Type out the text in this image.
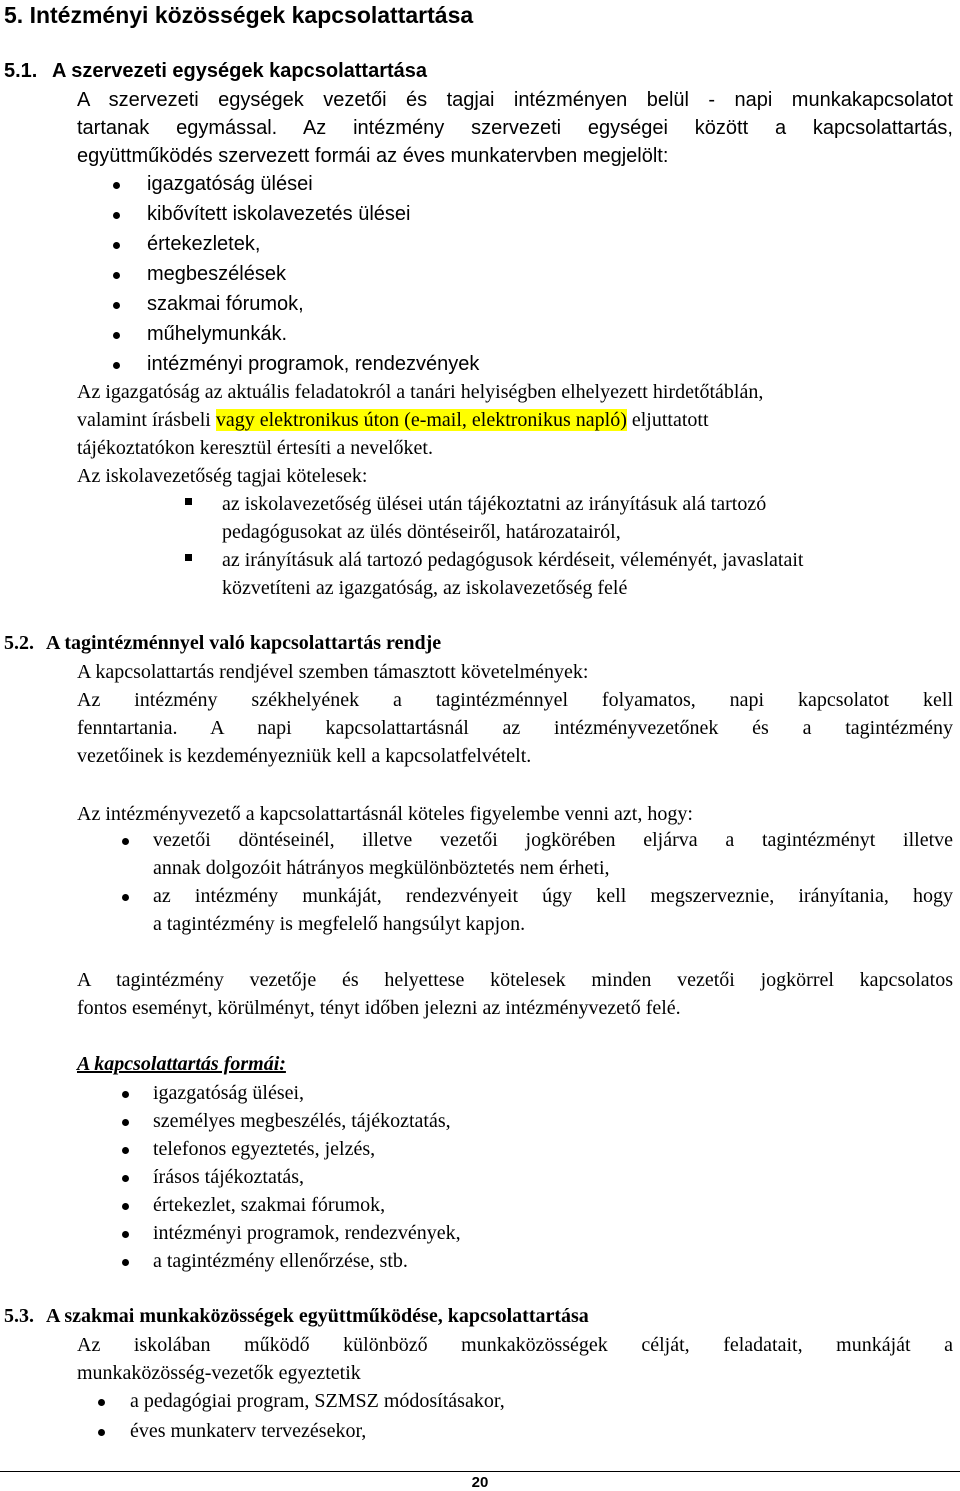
5. Intézményi közösségek kapcsolattartása
5.1. A szervezeti egységek kapcsolattartása
A szervezeti egységek vezetői és tagjai intézményen belül - napi munkakapcsolatot
tartanak egymással. Az intézmény szervezeti egységei között a kapcsolattartás,
együttműködés szervezett formái az éves munkatervben megjelölt:
igazgatóság ülései
kibővített iskolavezetés ülései
értekezletek,
megbeszélések
szakmai fórumok,
műhelymunkák.
intézményi programok, rendezvények
Az igazgatóság az aktuális feladatokról a tanári helyiségben elhelyezett hirdetőtáblán,
valamint írásbeli vagy elektronikus úton (e-mail, elektronikus napló) eljuttatott
tájékoztatókon keresztül értesíti a nevelőket.
Az iskolavezetőség tagjai kötelesek:
az iskolavezetőség ülései után tájékoztatni az irányításuk alá tartozó
pedagógusokat az ülés döntéseiről, határozatairól,
az irányításuk alá tartozó pedagógusok kérdéseit, véleményét, javaslatait
közvetíteni az igazgatóság, az iskolavezetőség felé
5.2. A tagintézménnyel való kapcsolattartás rendje
A kapcsolattartás rendjével szemben támasztott követelmények:
Az intézmény székhelyének a tagintézménnyel folyamatos, napi kapcsolatot kell
fenntartania. A napi kapcsolattartásnál az intézményvezetőnek és a tagintézmény
vezetőinek is kezdeményezniük kell a kapcsolatfelvételt.
Az intézményvezető a kapcsolattartásnál köteles figyelembe venni azt, hogy:
vezetői döntéseinél, illetve vezetői jogkörében eljárva a tagintézményt illetve
annak dolgozóit hátrányos megkülönböztetés nem érheti,
az intézmény munkáját, rendezvényeit úgy kell megszerveznie, irányítania, hogy
a tagintézmény is megfelelő hangsúlyt kapjon.
A tagintézmény vezetője és helyettese kötelesek minden vezetői jogkörrel kapcsolatos
fontos eseményt, körülményt, tényt időben jelezni az intézményvezető felé.
A kapcsolattartás formái:
igazgatóság ülései,
személyes megbeszélés, tájékoztatás,
telefonos egyeztetés, jelzés,
írásos tájékoztatás,
értekezlet, szakmai fórumok,
intézményi programok, rendezvények,
a tagintézmény ellenőrzése, stb.
5.3. A szakmai munkaközösségek együttműködése, kapcsolattartása
Az iskolában működő különböző munkaközösségek célját, feladatait, munkáját a
munkaközösség-vezetők egyeztetik
a pedagógiai program, SZMSZ módosításakor,
éves munkaterv tervezésekor,
20
